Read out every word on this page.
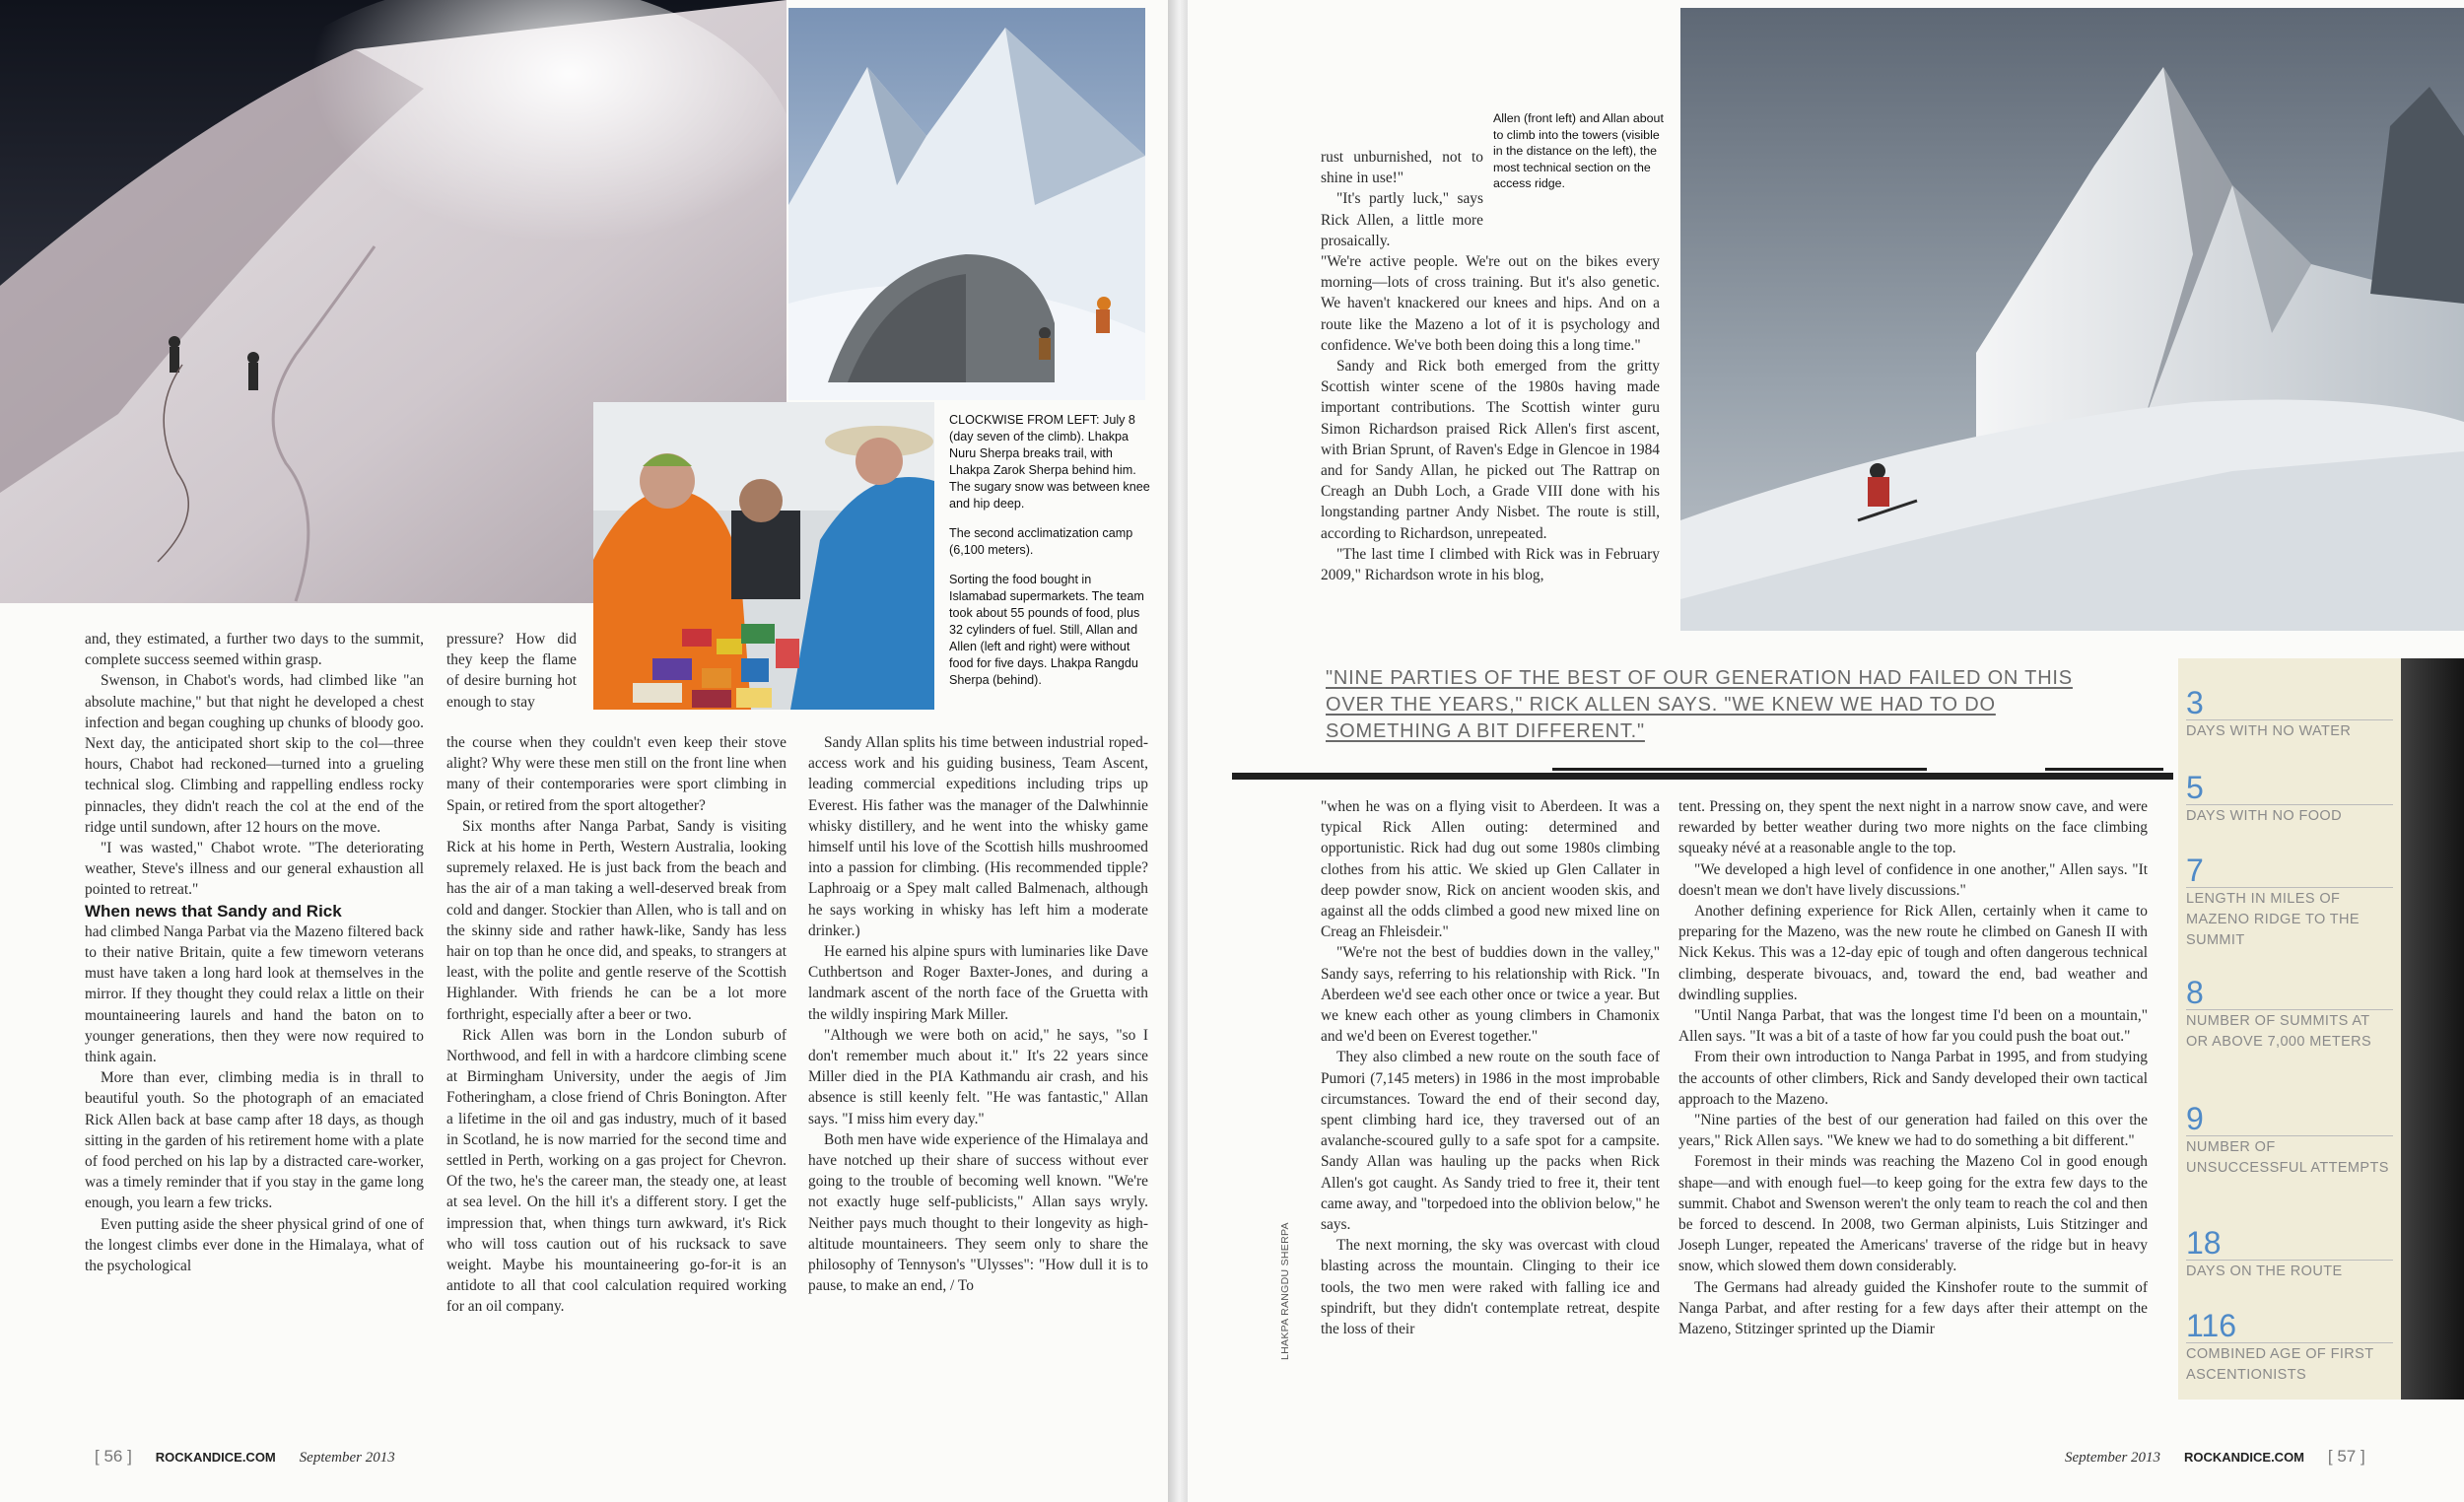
CLOCKWISE FROM LEFT: July 8 (day seven of the climb). Lhakpa Nuru Sherpa breaks trail, with Lhakpa Zarok Sherpa behind him. The sugary snow was between knee and hip deep.

The second acclimatization camp (6,100 meters).

Sorting the food bought in Islamabad supermarkets. The team took about 55 pounds of food, plus 32 cylinders of fuel. Still, Allan and Allen (left and right) were without food for five days. Lhakpa Rangdu Sherpa (behind).

and, they estimated, a further two days to the summit, complete success seemed within grasp.

Swenson, in Chabot's words, had climbed like "an absolute machine," but that night he developed a chest infection and began coughing up chunks of bloody goo. Next day, the anticipated short skip to the col—three hours, Chabot had reckoned—turned into a grueling technical slog. Climbing and rappelling endless rocky pinnacles, they didn't reach the col at the end of the ridge until sundown, after 12 hours on the move.

"I was wasted," Chabot wrote. "The deteriorating weather, Steve's illness and our general exhaustion all pointed to retreat."

When news that Sandy and Rick

had climbed Nanga Parbat via the Mazeno filtered back to their native Britain, quite a few timeworn veterans must have taken a long hard look at themselves in the mirror. If they thought they could relax a little on their mountaineering laurels and hand the baton on to younger generations, then they were now required to think again.

More than ever, climbing media is in thrall to beautiful youth. So the photograph of an emaciated Rick Allen back at base camp after 18 days, as though sitting in the garden of his retirement home with a plate of food perched on his lap by a distracted care-worker, was a timely reminder that if you stay in the game long enough, you learn a few tricks.

Even putting aside the sheer physical grind of one of the longest climbs ever done in the Himalaya, what of the psychological

pressure? How did they keep the flame of desire burning hot enough to stay

the course when they couldn't even keep their stove alight? Why were these men still on the front line when many of their contemporaries were sport climbing in Spain, or retired from the sport altogether?

Six months after Nanga Parbat, Sandy is visiting Rick at his home in Perth, Western Australia, looking supremely relaxed. He is just back from the beach and has the air of a man taking a well-deserved break from cold and danger. Stockier than Allen, who is tall and on the skinny side and rather hawk-like, Sandy has less hair on top than he once did, and speaks, to strangers at least, with the polite and gentle reserve of the Scottish Highlander. With friends he can be a lot more forthright, especially after a beer or two.

Rick Allen was born in the London suburb of Northwood, and fell in with a hardcore climbing scene at Birmingham University, under the aegis of Jim Fotheringham, a close friend of Chris Bonington. After a lifetime in the oil and gas industry, much of it based in Scotland, he is now married for the second time and settled in Perth, working on a gas project for Chevron. Of the two, he's the career man, the steady one, at least at sea level. On the hill it's a different story. I get the impression that, when things turn awkward, it's Rick who will toss caution out of his rucksack to save weight. Maybe his mountaineering go-for-it is an antidote to all that cool calculation required working for an oil company.

Sandy Allan splits his time between industrial roped-access work and his guiding business, Team Ascent, leading commercial expeditions including trips up Everest. His father was the manager of the Dalwhinnie whisky distillery, and he went into the whisky game himself until his love of the Scottish hills mushroomed into a passion for climbing. (His recommended tipple? Laphroaig or a Spey malt called Balmenach, although he says working in whisky has left him a moderate drinker.)

He earned his alpine spurs with luminaries like Dave Cuthbertson and Roger Baxter-Jones, and during a landmark ascent of the north face of the Gruetta with the wildly inspiring Mark Miller.

"Although we were both on acid," he says, "so I don't remember much about it." It's 22 years since Miller died in the PIA Kathmandu air crash, and his absence is still keenly felt. "He was fantastic," Allan says. "I miss him every day."

Both men have wide experience of the Himalaya and have notched up their share of success without ever going to the trouble of becoming well known. "We're not exactly huge self-publicists," Allan says wryly. Neither pays much thought to their longevity as high-altitude mountaineers. They seem only to share the philosophy of Tennyson's "Ulysses": "How dull it is to pause, to make an end, / To

[ 56 ] ROCKANDICE.COM September 2013

Allen (front left) and Allan about to climb into the towers (visible in the distance on the left), the most technical section on the access ridge.

rust unburnished, not to shine in use!"

"It's partly luck," says Rick Allen, a little more prosaically.

"We're active people. We're out on the bikes every morning—lots of cross training. But it's also genetic. We haven't knackered our knees and hips. And on a route like the Mazeno a lot of it is psychology and confidence. We've both been doing this a long time."

Sandy and Rick both emerged from the gritty Scottish winter scene of the 1980s having made important contributions. The Scottish winter guru Simon Richardson praised Rick Allen's first ascent, with Brian Sprunt, of Raven's Edge in Glencoe in 1984 and for Sandy Allan, he picked out The Rattrap on Creagh an Dubh Loch, a Grade VIII done with his longstanding partner Andy Nisbet. The route is still, according to Richardson, unrepeated.

"The last time I climbed with Rick was in February 2009," Richardson wrote in his blog,

"NINE PARTIES OF THE BEST OF OUR GENERATION HAD FAILED ON THIS OVER THE YEARS," RICK ALLEN SAYS. "WE KNEW WE HAD TO DO SOMETHING A BIT DIFFERENT."

"when he was on a flying visit to Aberdeen. It was a typical Rick Allen outing: determined and opportunistic. Rick had dug out some 1980s climbing clothes from his attic. We skied up Glen Callater in deep powder snow, Rick on ancient wooden skis, and against all the odds climbed a good new mixed line on Creag an Fhleisdeir."

"We're not the best of buddies down in the valley," Sandy says, referring to his relationship with Rick. "In Aberdeen we'd see each other once or twice a year. But we knew each other as young climbers in Chamonix and we'd been on Everest together."

They also climbed a new route on the south face of Pumori (7,145 meters) in 1986 in the most improbable circumstances. Toward the end of their second day, spent climbing hard ice, they traversed out of an avalanche-scoured gully to a safe spot for a campsite. Sandy Allan was hauling up the packs when Rick Allen's got caught. As Sandy tried to free it, their tent came away, and "torpedoed into the oblivion below," he says.

The next morning, the sky was overcast with cloud blasting across the mountain. Clinging to their ice tools, the two men were raked with falling ice and spindrift, but they didn't contemplate retreat, despite the loss of their

tent. Pressing on, they spent the next night in a narrow snow cave, and were rewarded by better weather during two more nights on the face climbing squeaky névé at a reasonable angle to the top.

"We developed a high level of confidence in one another," Allen says. "It doesn't mean we don't have lively discussions."

Another defining experience for Rick Allen, certainly when it came to preparing for the Mazeno, was the new route he climbed on Ganesh II with Nick Kekus. This was a 12-day epic of tough and often dangerous technical climbing, desperate bivouacs, and, toward the end, bad weather and dwindling supplies.

"Until Nanga Parbat, that was the longest time I'd been on a mountain," Allen says. "It was a bit of a taste of how far you could push the boat out."

From their own introduction to Nanga Parbat in 1995, and from studying the accounts of other climbers, Rick and Sandy developed their own tactical approach to the Mazeno.

"Nine parties of the best of our generation had failed on this over the years," Rick Allen says. "We knew we had to do something a bit different."

Foremost in their minds was reaching the Mazeno Col in good enough shape—and with enough fuel—to keep going for the extra few days to the summit. Chabot and Swenson weren't the only team to reach the col and then be forced to descend. In 2008, two German alpinists, Luis Stitzinger and Joseph Lunger, repeated the Americans' traverse of the ridge but in heavy snow, which slowed them down considerably.

The Germans had already guided the Kinshofer route to the summit of Nanga Parbat, and after resting for a few days after their attempt on the Mazeno, Stitzinger sprinted up the Diamir

LHAKPA RANGDU SHERPA
3
DAYS WITH NO WATER
5
DAYS WITH NO FOOD
7
LENGTH IN MILES OF MAZENO RIDGE TO THE SUMMIT
8
NUMBER OF SUMMITS AT OR ABOVE 7,000 METERS
9
NUMBER OF UNSUCCESSFUL ATTEMPTS
18
DAYS ON THE ROUTE
116
COMBINED AGE OF FIRST ASCENTIONISTS
September 2013 ROCKANDICE.COM [ 57 ]
